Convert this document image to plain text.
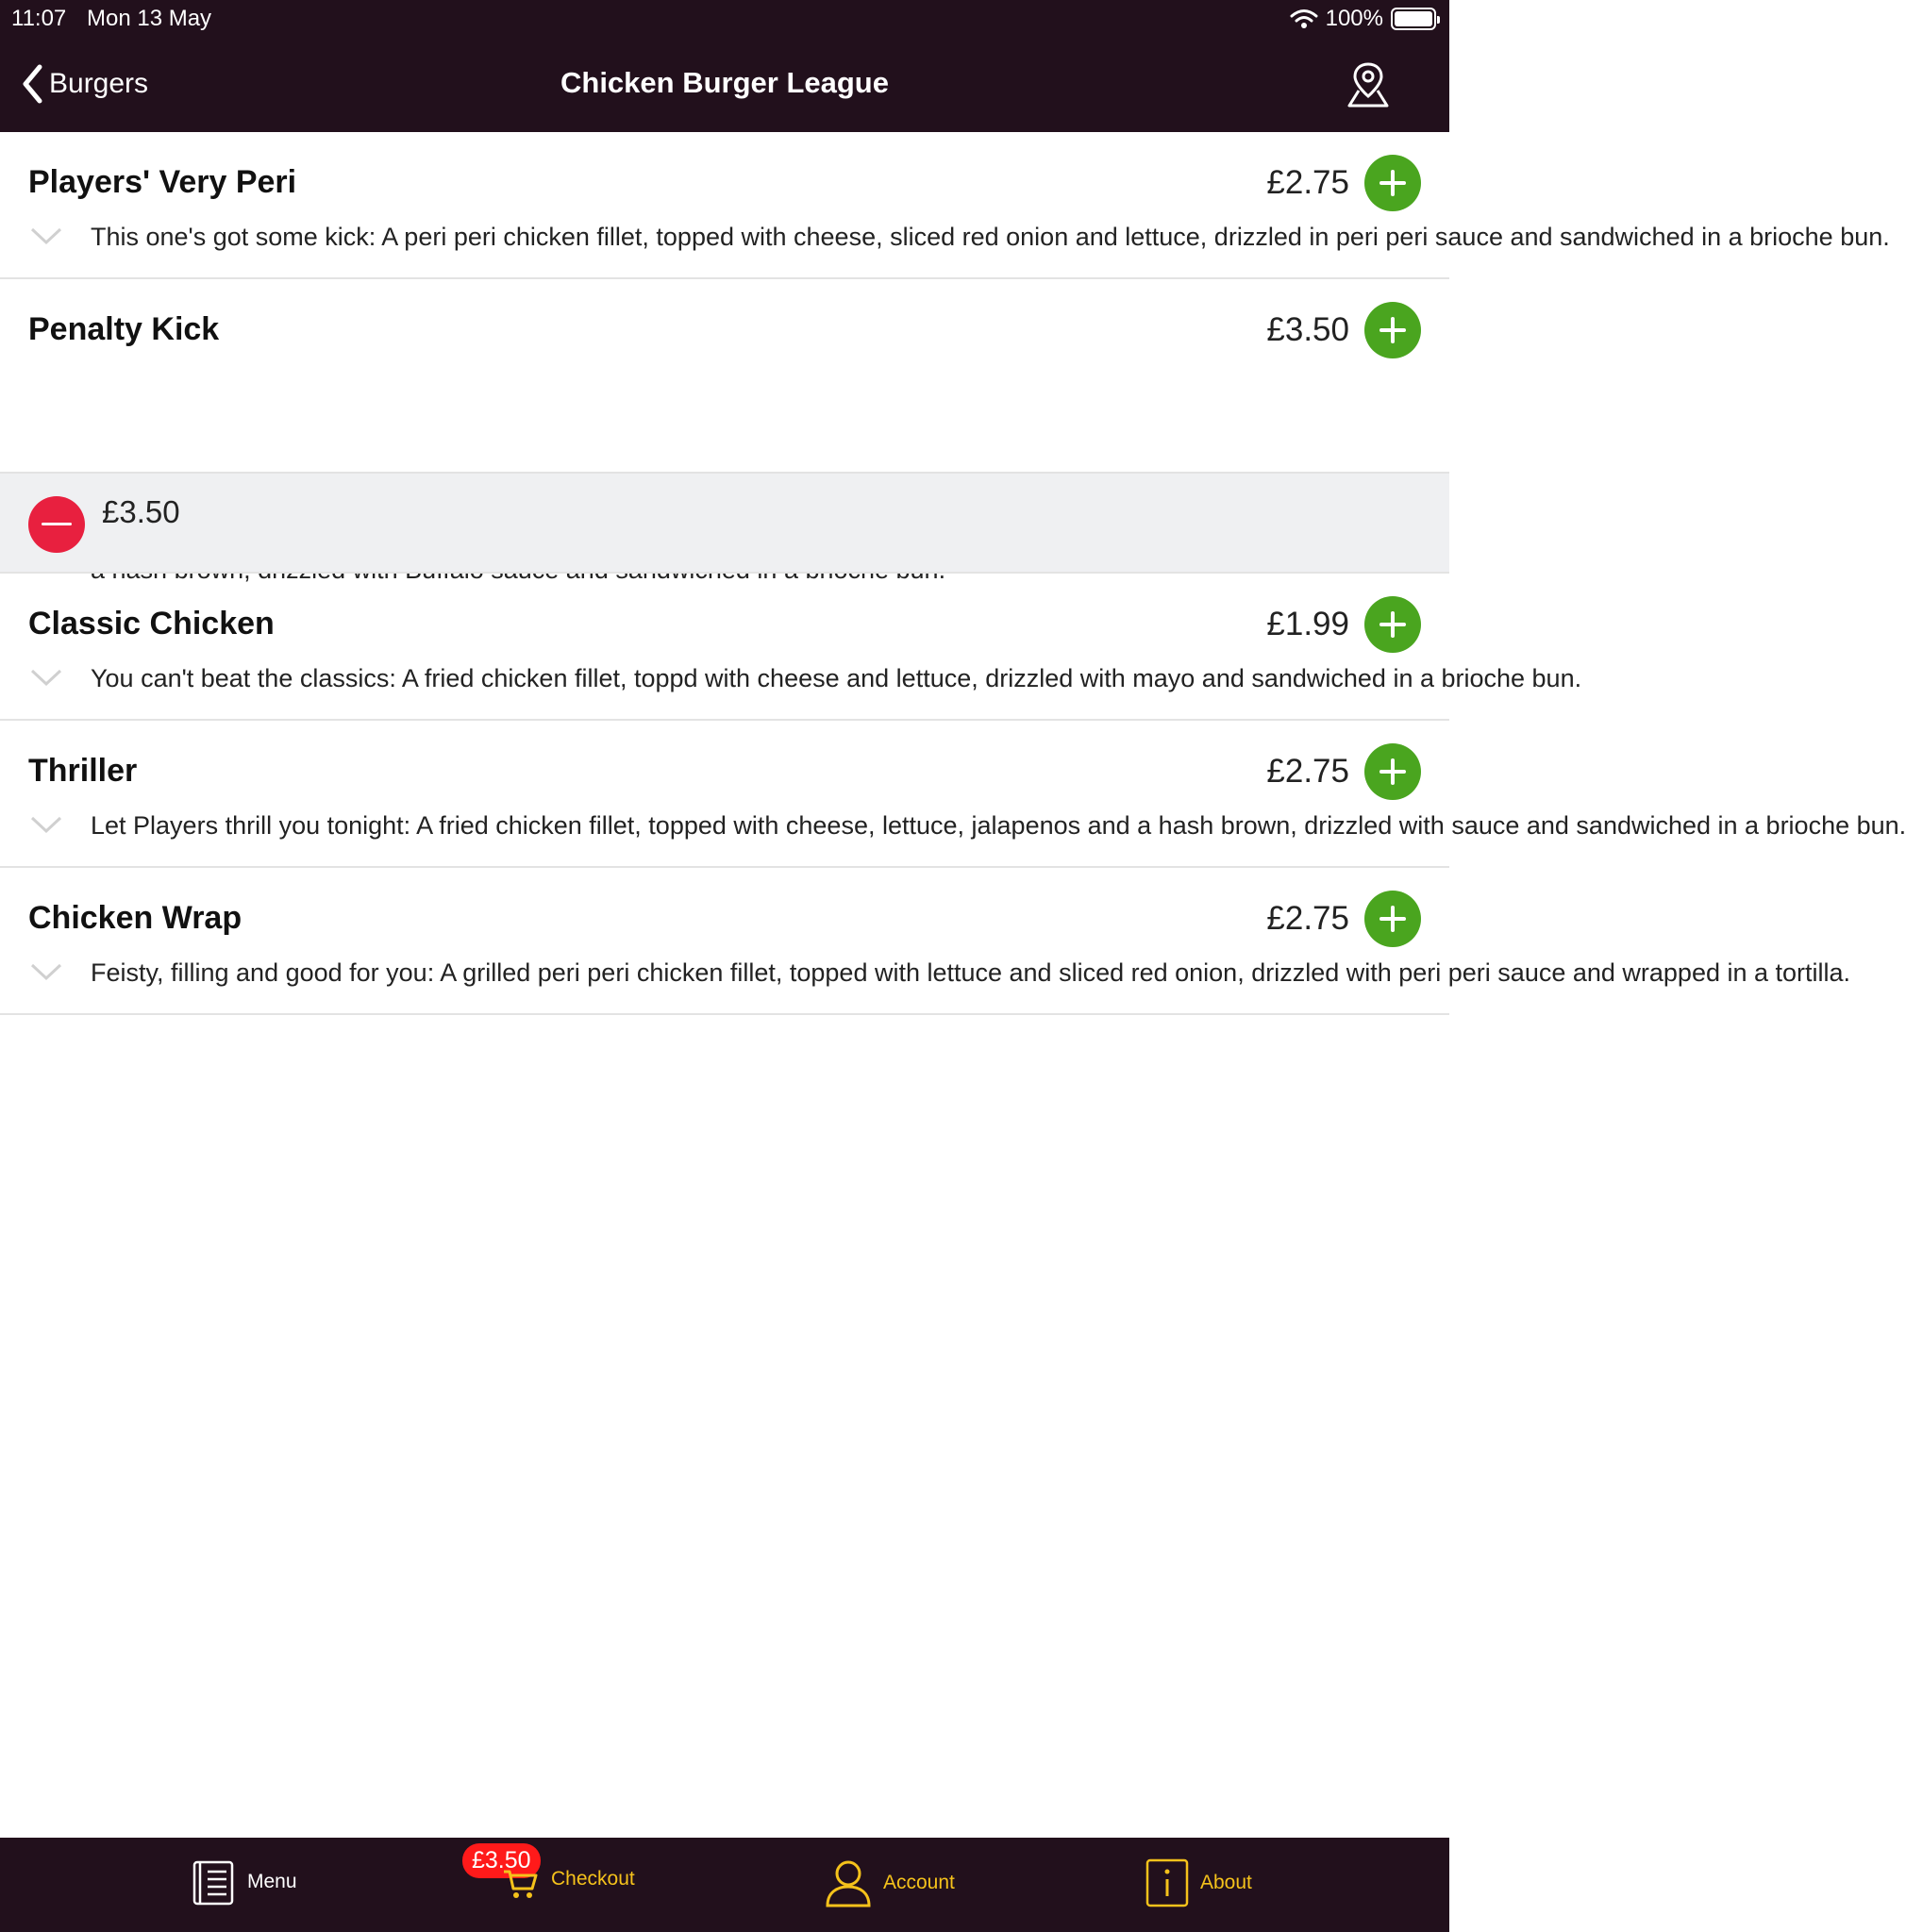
11:07 Mon 13 May	100%
Burgers	Chicken Burger League
Players' Very Peri	£2.75
This one's got some kick: A peri peri chicken fillet, topped with cheese, sliced red onion and lettuce, drizzled in peri peri sauce and sandwiched in a brioche bun.
Penalty Kick	£3.50
£3.50
Classic Chicken	£1.99
You can't beat the classics: A fried chicken fillet, toppd with cheese and lettuce, drizzled with mayo and sandwiched in a brioche bun.
Thriller	£2.75
Let Players thrill you tonight: A fried chicken fillet, topped with cheese, lettuce, jalapenos and a hash brown, drizzled with sauce and sandwiched in a brioche bun.
Chicken Wrap	£2.75
Feisty, filling and good for you: A grilled peri peri chicken fillet, topped with lettuce and sliced red onion, drizzled with peri peri sauce and wrapped in a tortilla.
Menu
£3.50
Checkout	Account	About
